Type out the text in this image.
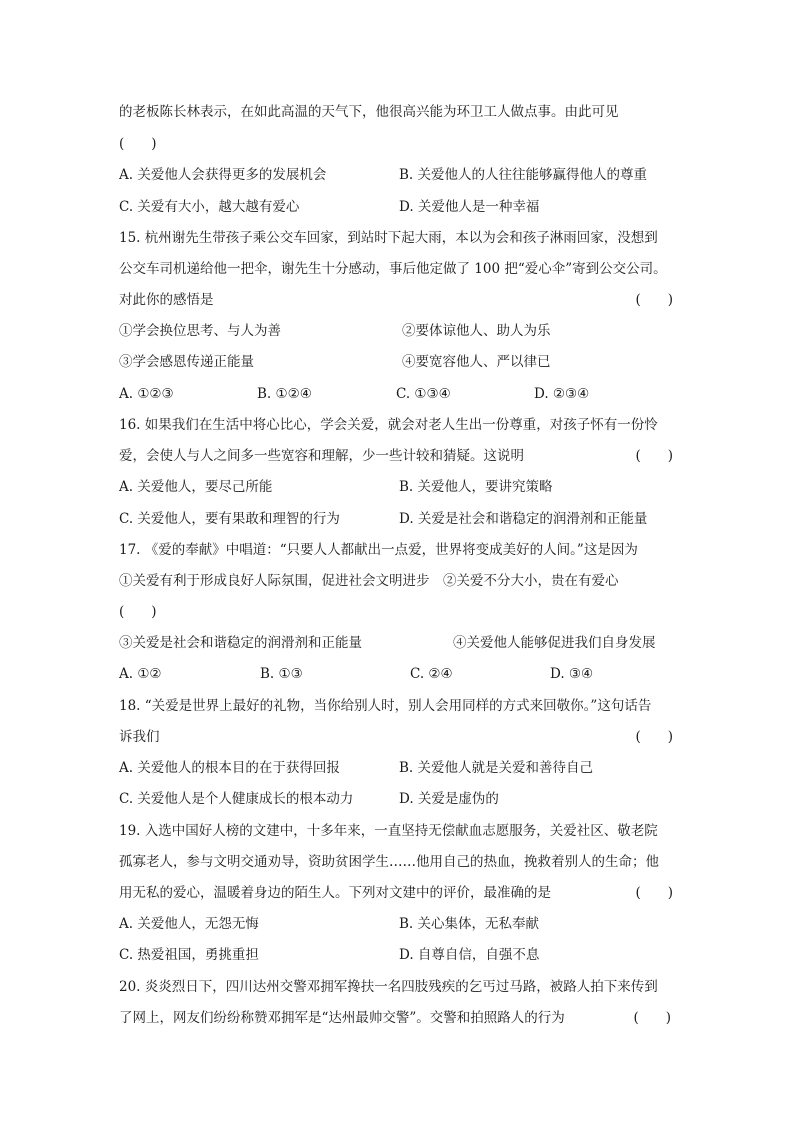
的老板陈长林表示，在如此高温的天气下，他很高兴能为环卫工人做点事。由此可见
(　　)
A. 关爱他人会获得更多的发展机会	B. 关爱他人的人往往能够赢得他人的尊重
C. 关爱有大小，越大越有爱心	D. 关爱他人是一种幸福
15. 杭州谢先生带孩子乘公交车回家，到站时下起大雨，本以为会和孩子淋雨回家，没想到
公交车司机递给他一把伞，谢先生十分感动，事后他定做了 100 把“爱心伞”寄到公交公司。
对此你的感悟是	(　　)
①学会换位思考、与人为善	②要体谅他人、助人为乐
③学会感恩传递正能量	④要宽容他人、严以律已
A. ①②③	B. ①②④	C. ①③④	D. ②③④
16. 如果我们在生活中将心比心，学会关爱，就会对老人生出一份尊重，对孩子怀有一份怜
爱，会使人与人之间多一些宽容和理解，少一些计较和猜疑。这说明	(　　)
A. 关爱他人，要尽己所能	B. 关爱他人，要讲究策略
C. 关爱他人，要有果敢和理智的行为	D. 关爱是社会和谐稳定的润滑剂和正能量
17. 《爱的奉献》中唱道：“只要人人都献出一点爱，世界将变成美好的人间。”这是因为
①关爱有利于形成良好人际氛围，促进社会文明进步　②关爱不分大小，贵在有爱心
(　　)
③关爱是社会和谐稳定的润滑剂和正能量	④关爱他人能够促进我们自身发展
A. ①②	B. ①③	C. ②④	D. ③④
18. “关爱是世界上最好的礼物，当你给别人时，别人会用同样的方式来回敬你。”这句话告
诉我们	(　　)
A. 关爱他人的根本目的在于获得回报	B. 关爱他人就是关爱和善待自己
C. 关爱他人是个人健康成长的根本动力	D. 关爱是虚伪的
19. 入选中国好人榜的文建中，十多年来，一直坚持无偿献血志愿服务，关爱社区、敬老院
孤寡老人，参与文明交通劝导，资助贫困学生……他用自己的热血，挽救着别人的生命；他
用无私的爱心，温暖着身边的陌生人。下列对文建中的评价，最准确的是	(　　)
A. 关爱他人，无怨无悔	B. 关心集体，无私奉献
C. 热爱祖国，勇挑重担	D. 自尊自信，自强不息
20. 炎炎烈日下，四川达州交警邓拥军搀扶一名四肢残疾的乞丐过马路，被路人拍下来传到
了网上，网友们纷纷称赞邓拥军是“达州最帅交警”。交警和拍照路人的行为	(　　)
